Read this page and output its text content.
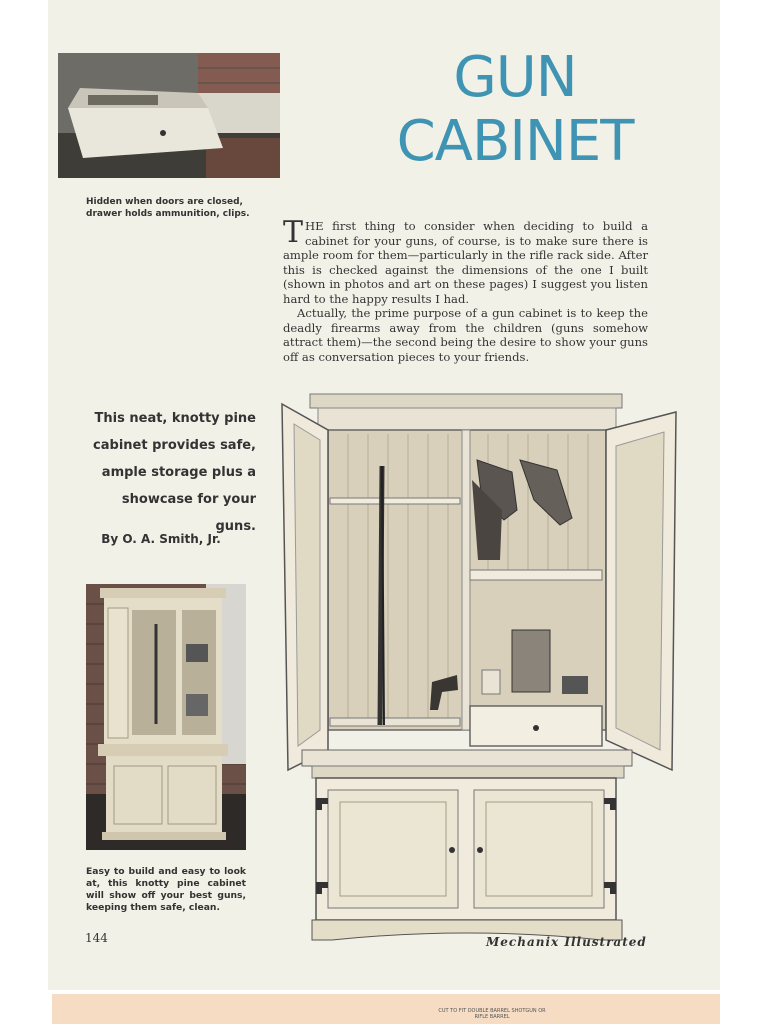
GUN
CABINET
Hidden when doors are closed, drawer holds ammunition, clips.

THE first thing to consider when deciding to build a cabinet for your guns, of course, is to make sure there is ample room for them—particularly in the rifle rack side. After this is checked against the dimensions of the one I built (shown in photos and art on these pages) I suggest you listen hard to the happy results I had.

Actually, the prime purpose of a gun cabinet is to keep the deadly firearms away from the children (guns somehow attract them)—the second being the desire to show your guns off as conversation pieces to your friends.

This neat, knotty pine cabinet provides safe, ample storage plus a showcase for your guns.
By O. A. Smith, Jr.
Easy to build and easy to look at, this knotty pine cabinet will show off your best guns, keeping them safe, clean.
144	Mechanix Illustrated
CUT TO FIT DOUBLE BARREL SHOTGUN OR RIFLE BARREL
